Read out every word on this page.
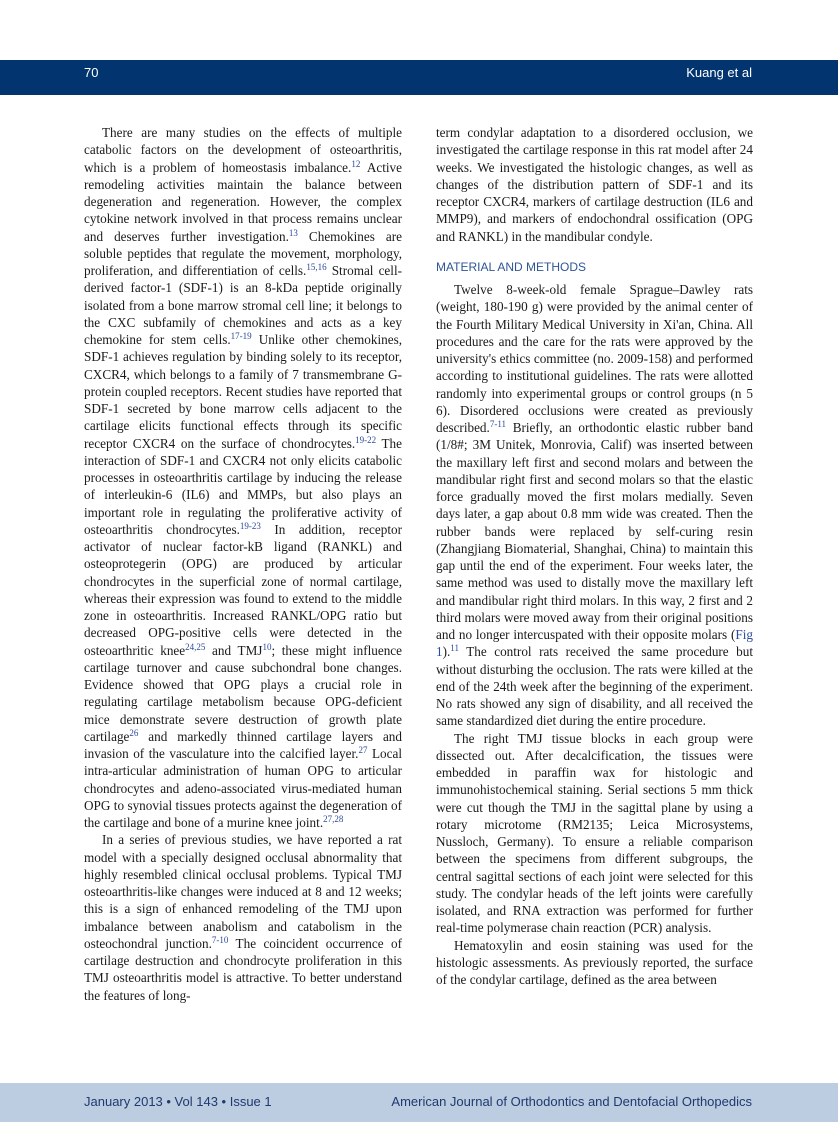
70	Kuang et al

There are many studies on the effects of multiple catabolic factors on the development of osteoarthritis, which is a problem of homeostasis imbalance.$^{12}$ Active remodeling activities maintain the balance between degeneration and regeneration. However, the complex cytokine network involved in that process remains unclear and deserves further investigation.$^{13}$ Chemokines are soluble peptides that regulate the movement, morphology, proliferation, and differentiation of cells.$^{15,16}$ Stromal cell-derived factor-1 (SDF-1) is an 8-kDa peptide originally isolated from a bone marrow stromal cell line; it belongs to the CXC subfamily of chemokines and acts as a key chemokine for stem cells.$^{17-19}$ Unlike other chemokines, SDF-1 achieves regulation by binding solely to its receptor, CXCR4, which belongs to a family of 7 transmembrane G-protein coupled receptors. Recent studies have reported that SDF-1 secreted by bone marrow cells adjacent to the cartilage elicits functional effects through its specific receptor CXCR4 on the surface of chondrocytes.$^{19-22}$ The interaction of SDF-1 and CXCR4 not only elicits catabolic processes in osteoarthritis cartilage by inducing the release of interleukin-6 (IL6) and MMPs, but also plays an important role in regulating the proliferative activity of osteoarthritis chondrocytes.$^{19-23}$ In addition, receptor activator of nuclear factor-kB ligand (RANKL) and osteoprotegerin (OPG) are produced by articular chondrocytes in the superficial zone of normal cartilage, whereas their expression was found to extend to the middle zone in osteoarthritis. Increased RANKL/OPG ratio but decreased OPG-positive cells were detected in the osteoarthritic knee$^{24,25}$ and TMJ$^{10}$; these might influence cartilage turnover and cause subchondral bone changes. Evidence showed that OPG plays a crucial role in regulating cartilage metabolism because OPG-deficient mice demonstrate severe destruction of growth plate cartilage$^{26}$ and markedly thinned cartilage layers and invasion of the vasculature into the calcified layer.$^{27}$ Local intra-articular administration of human OPG to articular chondrocytes and adeno-associated virus-mediated human OPG to synovial tissues protects against the degeneration of the cartilage and bone of a murine knee joint.$^{27,28}$

In a series of previous studies, we have reported a rat model with a specially designed occlusal abnormality that highly resembled clinical occlusal problems. Typical TMJ osteoarthritis-like changes were induced at 8 and 12 weeks; this is a sign of enhanced remodeling of the TMJ upon imbalance between anabolism and catabolism in the osteochondral junction.$^{7-10}$ The coincident occurrence of cartilage destruction and chondrocyte proliferation in this TMJ osteoarthritis model is attractive. To better understand the features of long-

term condylar adaptation to a disordered occlusion, we investigated the cartilage response in this rat model after 24 weeks. We investigated the histologic changes, as well as changes of the distribution pattern of SDF-1 and its receptor CXCR4, markers of cartilage destruction (IL6 and MMP9), and markers of endochondral ossification (OPG and RANKL) in the mandibular condyle.

MATERIAL AND METHODS

Twelve 8-week-old female Sprague–Dawley rats (weight, 180-190 g) were provided by the animal center of the Fourth Military Medical University in Xi'an, China. All procedures and the care for the rats were approved by the university's ethics committee (no. 2009-158) and performed according to institutional guidelines. The rats were allotted randomly into experimental groups or control groups (n 5 6). Disordered occlusions were created as previously described.$^{7-11}$ Briefly, an orthodontic elastic rubber band (1/8#; 3M Unitek, Monrovia, Calif) was inserted between the maxillary left first and second molars and between the mandibular right first and second molars so that the elastic force gradually moved the first molars medially. Seven days later, a gap about 0.8 mm wide was created. Then the rubber bands were replaced by self-curing resin (Zhangjiang Biomaterial, Shanghai, China) to maintain this gap until the end of the experiment. Four weeks later, the same method was used to distally move the maxillary left and mandibular right third molars. In this way, 2 first and 2 third molars were moved away from their original positions and no longer intercuspated with their opposite molars (Fig 1).$^{11}$ The control rats received the same procedure but without disturbing the occlusion. The rats were killed at the end of the 24th week after the beginning of the experiment. No rats showed any sign of disability, and all received the same standardized diet during the entire procedure.

The right TMJ tissue blocks in each group were dissected out. After decalcification, the tissues were embedded in paraffin wax for histologic and immunohistochemical staining. Serial sections 5 mm thick were cut though the TMJ in the sagittal plane by using a rotary microtome (RM2135; Leica Microsystems, Nussloch, Germany). To ensure a reliable comparison between the specimens from different subgroups, the central sagittal sections of each joint were selected for this study. The condylar heads of the left joints were carefully isolated, and RNA extraction was performed for further real-time polymerase chain reaction (PCR) analysis.

Hematoxylin and eosin staining was used for the histologic assessments. As previously reported, the surface of the condylar cartilage, defined as the area between

January 2013 • Vol 143 • Issue 1	American Journal of Orthodontics and Dentofacial Orthopedics
